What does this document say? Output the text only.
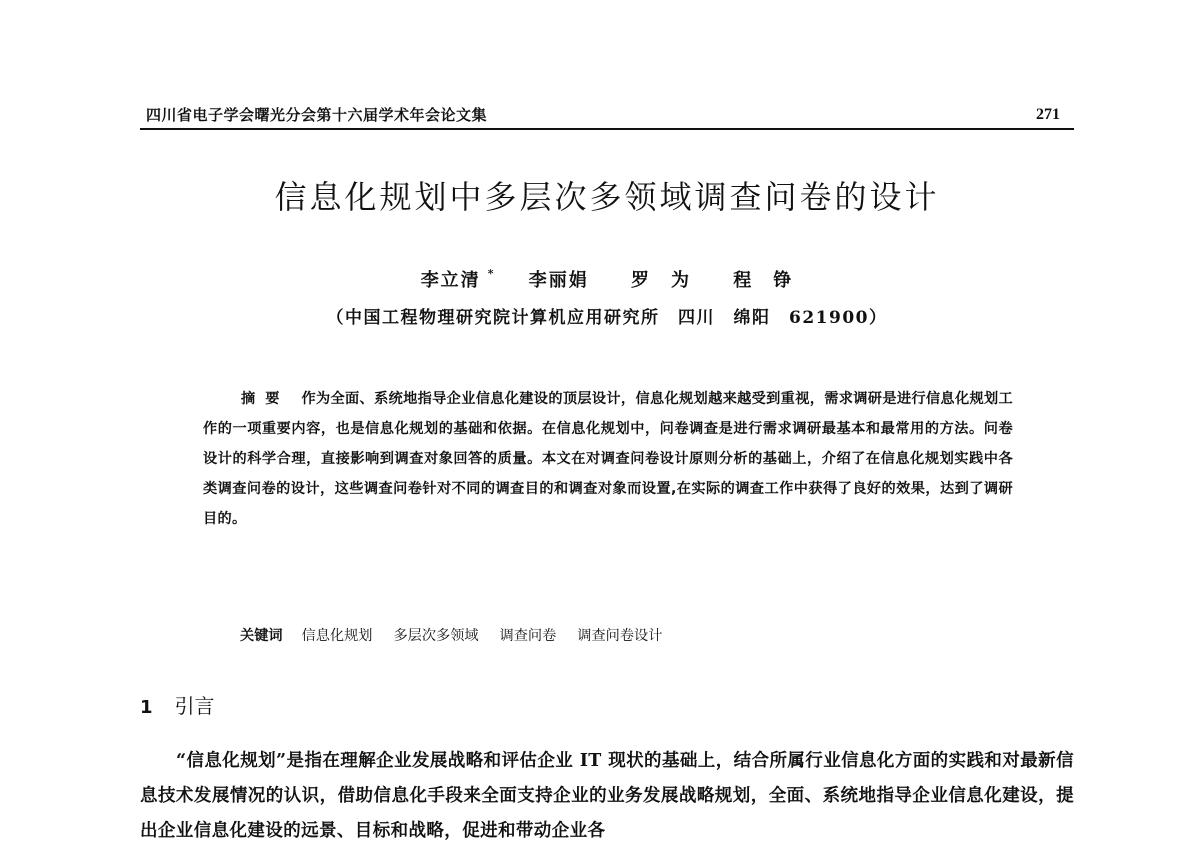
四川省电子学会曙光分会第十六届学术年会论文集	271
信息化规划中多层次多领域调查问卷的设计
李立清 * 李丽娟 罗　为 程　铮
（中国工程物理研究院计算机应用研究所　四川　绵阳　621900）
摘要 作为全面、系统地指导企业信息化建设的顶层设计，信息化规划越来越受到重视，需求调研是进行信息化规划工作的一项重要内容，也是信息化规划的基础和依据。在信息化规划中，问卷调查是进行需求调研最基本和最常用的方法。问卷设计的科学合理，直接影响到调查对象回答的质量。本文在对调查问卷设计原则分析的基础上，介绍了在信息化规划实践中各类调查问卷的设计，这些调查问卷针对不同的调查目的和调查对象而设置,在实际的调查工作中获得了良好的效果，达到了调研目的。
关键词 信息化规划 多层次多领域 调查问卷 调查问卷设计
1 引言
“信息化规划”是指在理解企业发展战略和评估企业 IT 现状的基础上，结合所属行业信息化方面的实践和对最新信息技术发展情况的认识，借助信息化手段来全面支持企业的业务发展战略规划，全面、系统地指导企业信息化建设，提出企业信息化建设的远景、目标和战略，促进和带动企业各
